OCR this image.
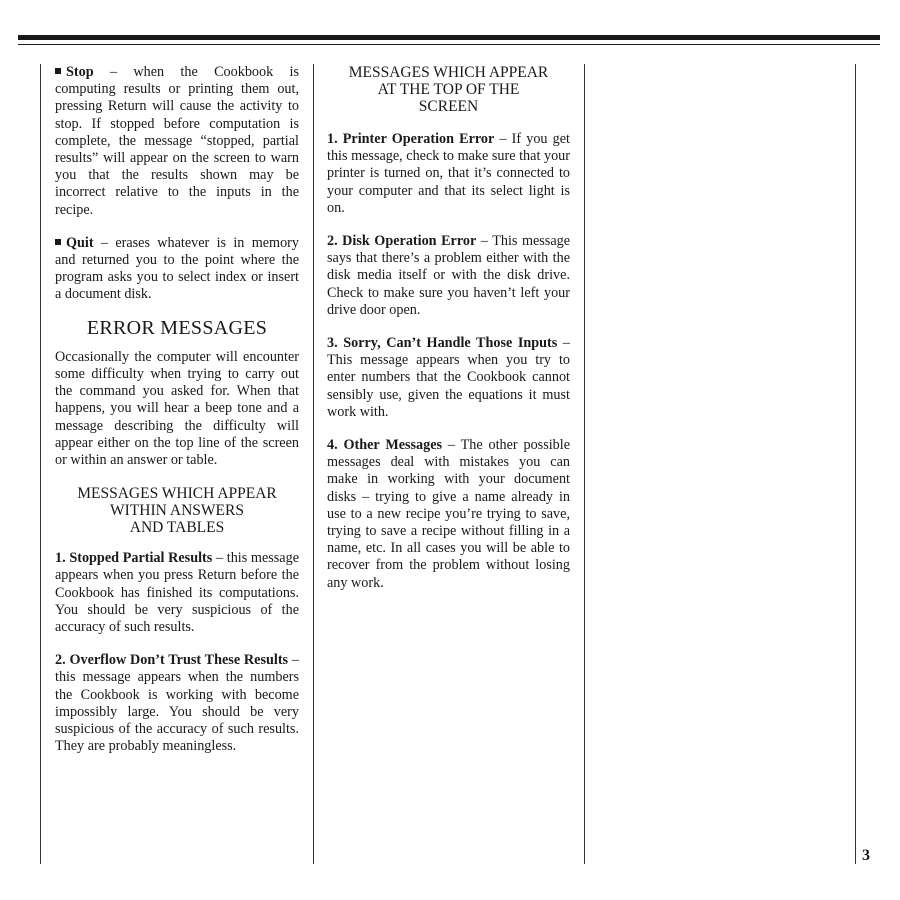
Stop – when the Cookbook is computing results or printing them out, pressing Return will cause the activity to stop. If stopped before computation is complete, the message “stopped, partial results” will appear on the screen to warn you that the results shown may be incorrect relative to the inputs in the recipe.

Quit – erases whatever is in memory and returned you to the point where the program asks you to select index or insert a document disk.

ERROR MESSAGES

Occasionally the computer will encounter some difficulty when trying to carry out the command you asked for. When that happens, you will hear a beep tone and a message describing the difficulty will appear either on the top line of the screen or within an answer or table.

MESSAGES WHICH APPEAR
WITHIN ANSWERS
AND TABLES

1. Stopped Partial Results – this message appears when you press Return before the Cookbook has finished its computations. You should be very suspicious of the accuracy of such results.

2. Overflow Don’t Trust These Results – this message appears when the numbers the Cookbook is working with become impossibly large. You should be very suspicious of the accuracy of such results. They are probably meaningless.

MESSAGES WHICH APPEAR
AT THE TOP OF THE
SCREEN

1. Printer Operation Error – If you get this message, check to make sure that your printer is turned on, that it’s connected to your computer and that its select light is on.

2. Disk Operation Error – This message says that there’s a problem either with the disk media itself or with the disk drive. Check to make sure you haven’t left your drive door open.

3. Sorry, Can’t Handle Those Inputs – This message appears when you try to enter numbers that the Cookbook cannot sensibly use, given the equations it must work with.

4. Other Messages – The other possible messages deal with mistakes you can make in working with your document disks – trying to give a name already in use to a new recipe you’re trying to save, trying to save a recipe without filling in a name, etc. In all cases you will be able to recover from the problem without losing any work.

3
